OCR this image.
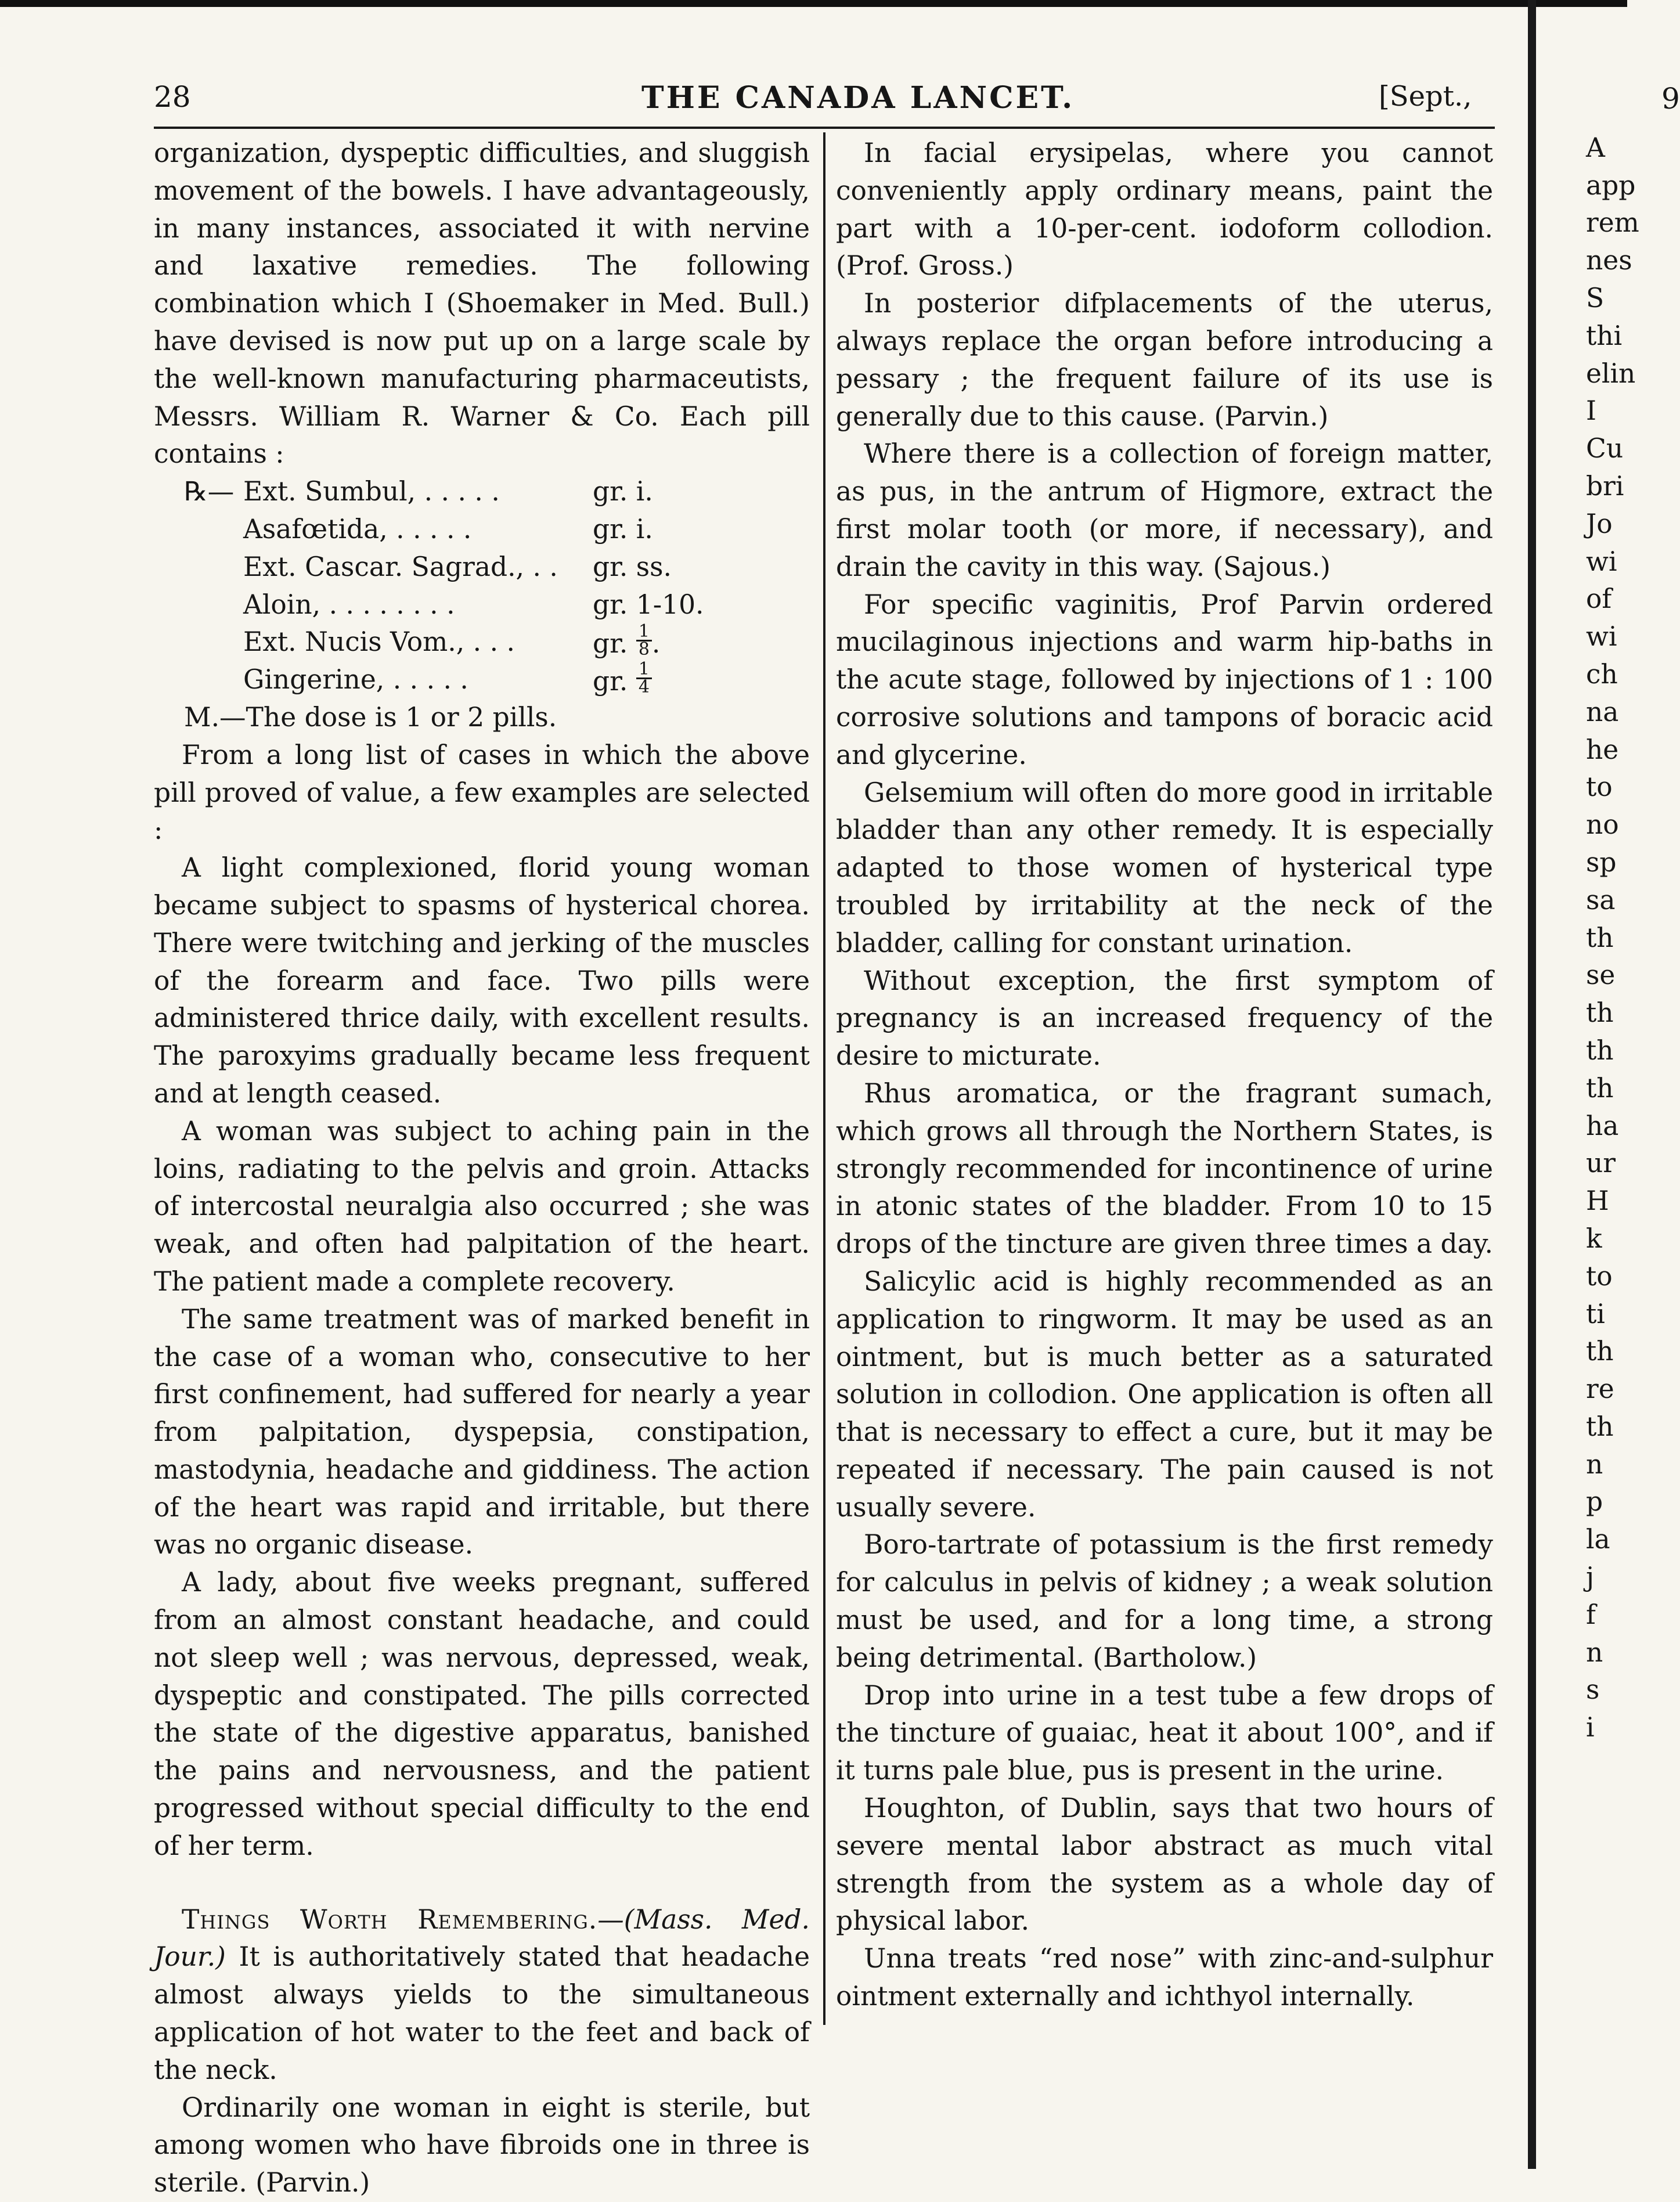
28	THE CANADA LANCET.	[Sept.,

organization, dyspeptic difficulties, and sluggish movement of the bowels. I have advantageously, in many instances, associated it with nervine and laxative remedies. The following combination which I (Shoemaker in Med. Bull.) have devised is now put up on a large scale by the well-known manufacturing pharmaceutists, Messrs. William R. Warner & Co. Each pill contains :

℞— Ext. Sumbul, . . . . .	gr. i.
Asafœtida, . . . . .	gr. i.
Ext. Cascar. Sagrad., . .	gr. ss.
Aloin, . . . . . . . .	gr. 1-10.
Ext. Nucis Vom., . . .	gr. $\frac{1}{8}$ .
Gingerine, . . . . .	gr. $\frac{1}{4}$

M.—The dose is 1 or 2 pills.

From a long list of cases in which the above pill proved of value, a few examples are selected :

A light complexioned, florid young woman became subject to spasms of hysterical chorea. There were twitching and jerking of the muscles of the forearm and face. Two pills were administered thrice daily, with excellent results. The paroxyims gradually became less frequent and at length ceased.

A woman was subject to aching pain in the loins, radiating to the pelvis and groin. Attacks of intercostal neuralgia also occurred ; she was weak, and often had palpitation of the heart. The patient made a complete recovery.

The same treatment was of marked benefit in the case of a woman who, consecutive to her first confinement, had suffered for nearly a year from palpitation, dyspepsia, constipation, mastodynia, headache and giddiness. The action of the heart was rapid and irritable, but there was no organic disease.

A lady, about five weeks pregnant, suffered from an almost constant headache, and could not sleep well ; was nervous, depressed, weak, dyspeptic and constipated. The pills corrected the state of the digestive apparatus, banished the pains and nervousness, and the patient progressed without special difficulty to the end of her term.

Things Worth Remembering.—(Mass. Med. Jour.) It is authoritatively stated that headache almost always yields to the simultaneous application of hot water to the feet and back of the neck.

Ordinarily one woman in eight is sterile, but among women who have fibroids one in three is sterile. (Parvin.)

In facial erysipelas, where you cannot conveniently apply ordinary means, paint the part with a 10-per-cent. iodoform collodion. (Prof. Gross.)

In posterior difplacements of the uterus, always replace the organ before introducing a pessary ; the frequent failure of its use is generally due to this cause. (Parvin.)

Where there is a collection of foreign matter, as pus, in the antrum of Higmore, extract the first molar tooth (or more, if necessary), and drain the cavity in this way. (Sajous.)

For specific vaginitis, Prof Parvin ordered mucilaginous injections and warm hip-baths in the acute stage, followed by injections of 1 : 100 corrosive solutions and tampons of boracic acid and glycerine.

Gelsemium will often do more good in irritable bladder than any other remedy. It is especially adapted to those women of hysterical type troubled by irritability at the neck of the bladder, calling for constant urination.

Without exception, the first symptom of pregnancy is an increased frequency of the desire to micturate.

Rhus aromatica, or the fragrant sumach, which grows all through the Northern States, is strongly recommended for incontinence of urine in atonic states of the bladder. From 10 to 15 drops of the tincture are given three times a day.

Salicylic acid is highly recommended as an application to ringworm. It may be used as an ointment, but is much better as a saturated solution in collodion. One application is often all that is necessary to effect a cure, but it may be repeated if necessary. The pain caused is not usually severe.

Boro-tartrate of potassium is the first remedy for calculus in pelvis of kidney ; a weak solution must be used, and for a long time, a strong being detrimental. (Bartholow.)

Drop into urine in a test tube a few drops of the tincture of guaiac, heat it about 100°, and if it turns pale blue, pus is present in the urine.

Houghton, of Dublin, says that two hours of severe mental labor abstract as much vital strength from the system as a whole day of physical labor.

Unna treats “red nose” with zinc-and-sulphur ointment externally and ichthyol internally.

9
A
app
rem
nes
S
thi
elin
I
Cu
bri
Jo
wi
of
wi
ch
na
he
to
no
sp
sa
th
se
th
th
th
ha
ur
H
k
to
ti
th
re
th
n
p
la
j
f
n
s
i
